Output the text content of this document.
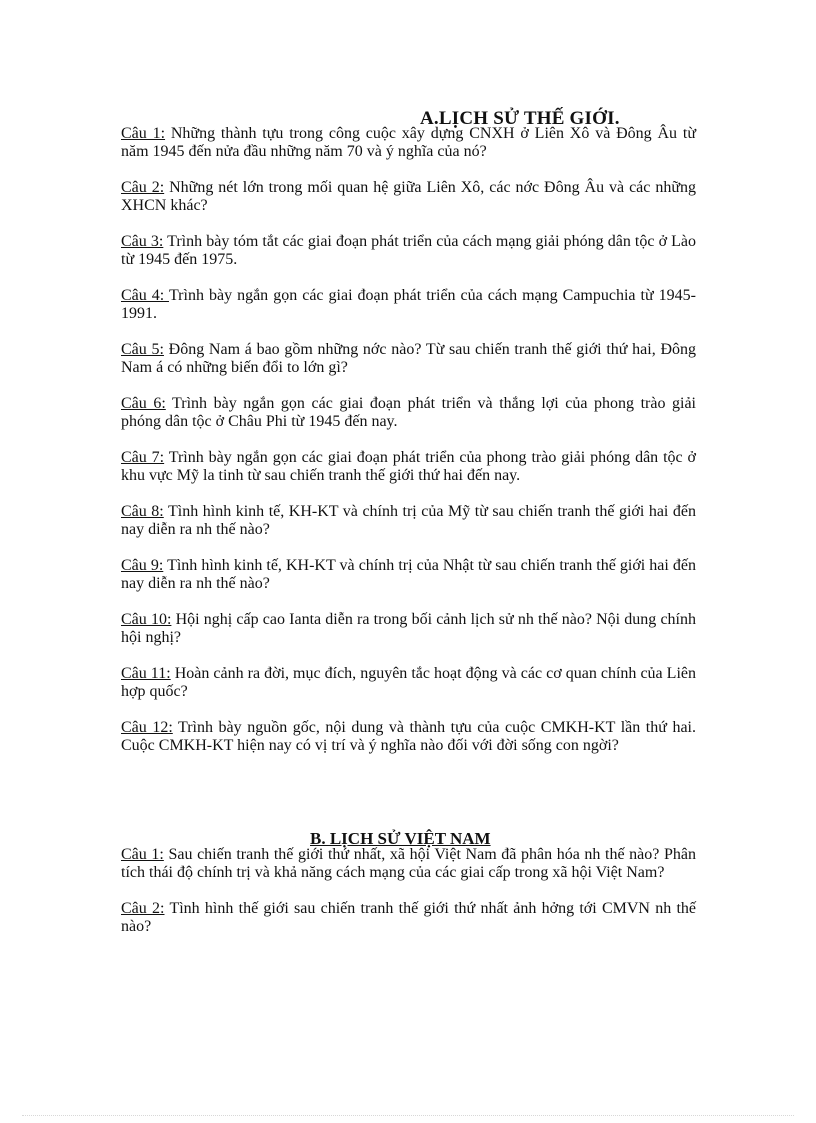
A.LỊCH SỬ THẾ GIỚI.
Câu 1: Những thành tựu trong công cuộc xây dựng CNXH ở Liên Xô và Đông Âu từ năm 1945 đến nửa đầu những năm 70 và ý nghĩa của nó?
Câu 2: Những nét lớn trong mối quan hệ giữa Liên Xô, các nớc Đông Âu và các những XHCN khác?
Câu 3: Trình bày tóm tắt các giai đoạn phát triển của cách mạng giải phóng dân tộc ở Lào từ 1945 đến 1975.
Câu 4: Trình bày ngắn gọn các giai đoạn phát triển của cách mạng Campuchia từ 1945-1991.
Câu 5: Đông Nam á bao gồm những nớc nào? Từ sau chiến tranh thế giới thứ hai, Đông Nam á có những biến đổi to lớn gì?
Câu 6: Trình bày ngắn gọn các giai đoạn phát triển và thắng lợi của phong trào giải phóng dân tộc ở Châu Phi từ 1945 đến nay.
Câu 7: Trình bày ngắn gọn các giai đoạn phát triển của phong trào giải phóng dân tộc ở khu vực Mỹ la tinh từ sau chiến tranh thế giới thứ hai đến nay.
Câu 8: Tình hình kinh tế, KH-KT và chính trị của Mỹ từ sau chiến tranh thế giới hai đến nay diễn ra nh thế nào?
Câu 9: Tình hình kinh tế, KH-KT và chính trị của Nhật từ sau chiến tranh thế giới hai đến nay diễn ra nh thế nào?
Câu 10: Hội nghị cấp cao Ianta diễn ra trong bối cảnh lịch sử nh thế nào? Nội dung chính hội nghị?
Câu 11: Hoàn cảnh ra đời, mục đích, nguyên tắc hoạt động và các cơ quan chính của Liên hợp quốc?
Câu 12: Trình bày nguồn gốc, nội dung và thành tựu của cuộc CMKH-KT lần thứ hai. Cuộc CMKH-KT hiện nay có vị trí và ý nghĩa nào đối với đời sống con ngời?
B. LỊCH SỬ VIỆT NAM
Câu 1: Sau chiến tranh thế giới thứ nhất, xã hội Việt Nam đã phân hóa nh thế nào? Phân tích thái độ chính trị và khả năng cách mạng của các giai cấp trong xã hội Việt Nam?
Câu 2: Tình hình thế giới sau chiến tranh thế giới thứ nhất ảnh hởng tới CMVN nh thế nào?
